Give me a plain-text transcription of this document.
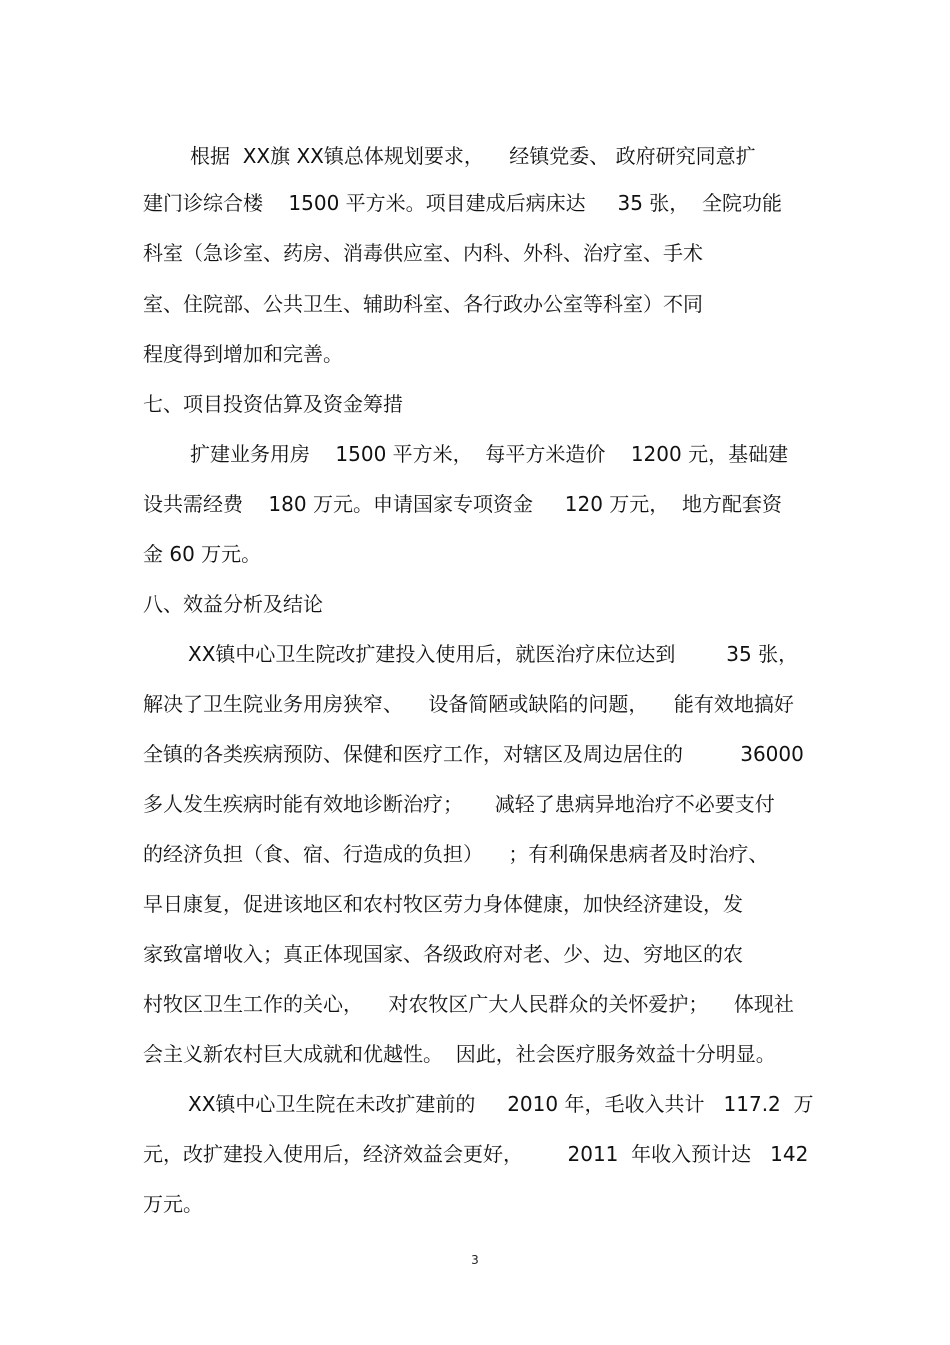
根据  XX旗 XX镇总体规划要求，    经镇党委、 政府研究同意扩
建门诊综合楼    1500 平方米。项目建成后病床达     35 张，  全院功能
科室（急诊室、药房、消毒供应室、内科、外科、治疗室、手术
室、住院部、公共卫生、辅助科室、各行政办公室等科室）不同
程度得到增加和完善。
七、项目投资估算及资金筹措
扩建业务用房    1500 平方米，  每平方米造价    1200 元，基础建
设共需经费    180 万元。申请国家专项资金     120 万元，  地方配套资
金 60 万元。
八、效益分析及结论
XX镇中心卫生院改扩建投入使用后，就医治疗床位达到        35 张，
解决了卫生院业务用房狭窄、    设备简陋或缺陷的问题，    能有效地搞好
全镇的各类疾病预防、保健和医疗工作，对辖区及周边居住的         36000
多人发生疾病时能有效地诊断治疗；     减轻了患病异地治疗不必要支付
的经济负担（食、宿、行造成的负担）    ；有利确保患病者及时治疗、
早日康复，促进该地区和农村牧区劳力身体健康，加快经济建设，发
家致富增收入；真正体现国家、各级政府对老、少、边、穷地区的农
村牧区卫生工作的关心，    对农牧区广大人民群众的关怀爱护；    体现社
会主义新农村巨大成就和优越性。  因此，社会医疗服务效益十分明显。
XX镇中心卫生院在未改扩建前的     2010 年，毛收入共计   117.2  万
元，改扩建投入使用后，经济效益会更好，       2011  年收入预计达   142
万元。
3
